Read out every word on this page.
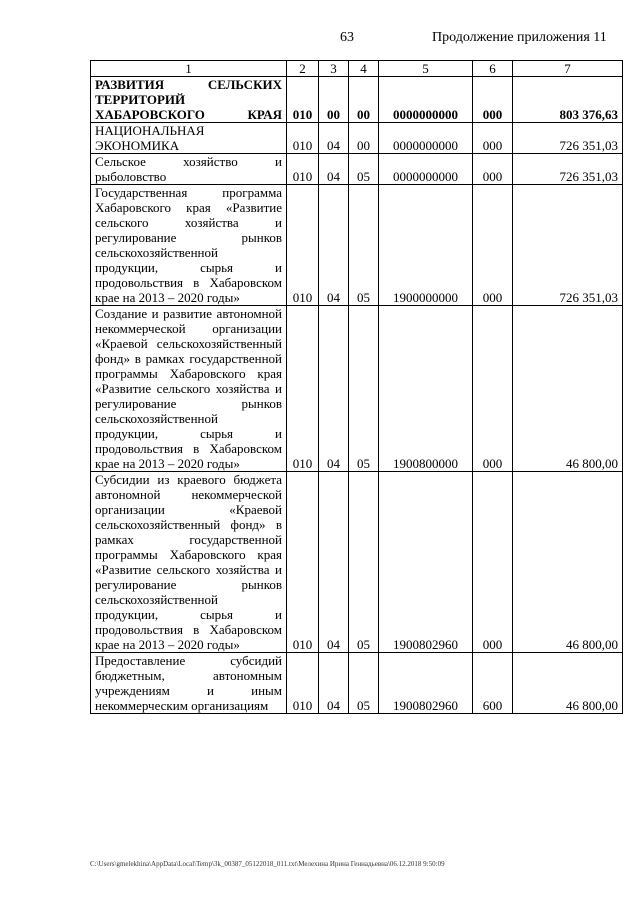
63	Продолжение приложения 11
1	2	3	4	5	6	7
РАЗВИТИЯ СЕЛЬСКИХ ТЕРРИТОРИЙ ХАБАРОВСКОГО КРАЯ	010	00	00	0000000000	000	803 376,63
НАЦИОНАЛЬНАЯ ЭКОНОМИКА	010	04	00	0000000000	000	726 351,03
Сельское хозяйство и рыболовство	010	04	05	0000000000	000	726 351,03
Государственная программа Хабаровского края «Развитие сельского хозяйства и регулирование рынков сельскохозяйственной продукции, сырья и продовольствия в Хабаровском крае на 2013 – 2020 годы»	010	04	05	1900000000	000	726 351,03
Создание и развитие автономной некоммерческой организации «Краевой сельскохозяйственный фонд» в рамках государственной программы Хабаровского края «Развитие сельского хозяйства и регулирование рынков сельскохозяйственной продукции, сырья и продовольствия в Хабаровском крае на 2013 – 2020 годы»	010	04	05	1900800000	000	46 800,00
Субсидии из краевого бюджета автономной некоммерческой организации «Краевой сельскохозяйственный фонд» в рамках государственной программы Хабаровского края «Развитие сельского хозяйства и регулирование рынков сельскохозяйственной продукции, сырья и продовольствия в Хабаровском крае на 2013 – 2020 годы»	010	04	05	1900802960	000	46 800,00
Предоставление субсидий бюджетным, автономным учреждениям и иным некоммерческим организациям	010	04	05	1900802960	600	46 800,00
C:\Users\gmelekhina\AppData\Local\Temp\3k_00387_05122018_011.txt\Мелехина Ирина Геннадьевна\06.12.2018 9:50:09
